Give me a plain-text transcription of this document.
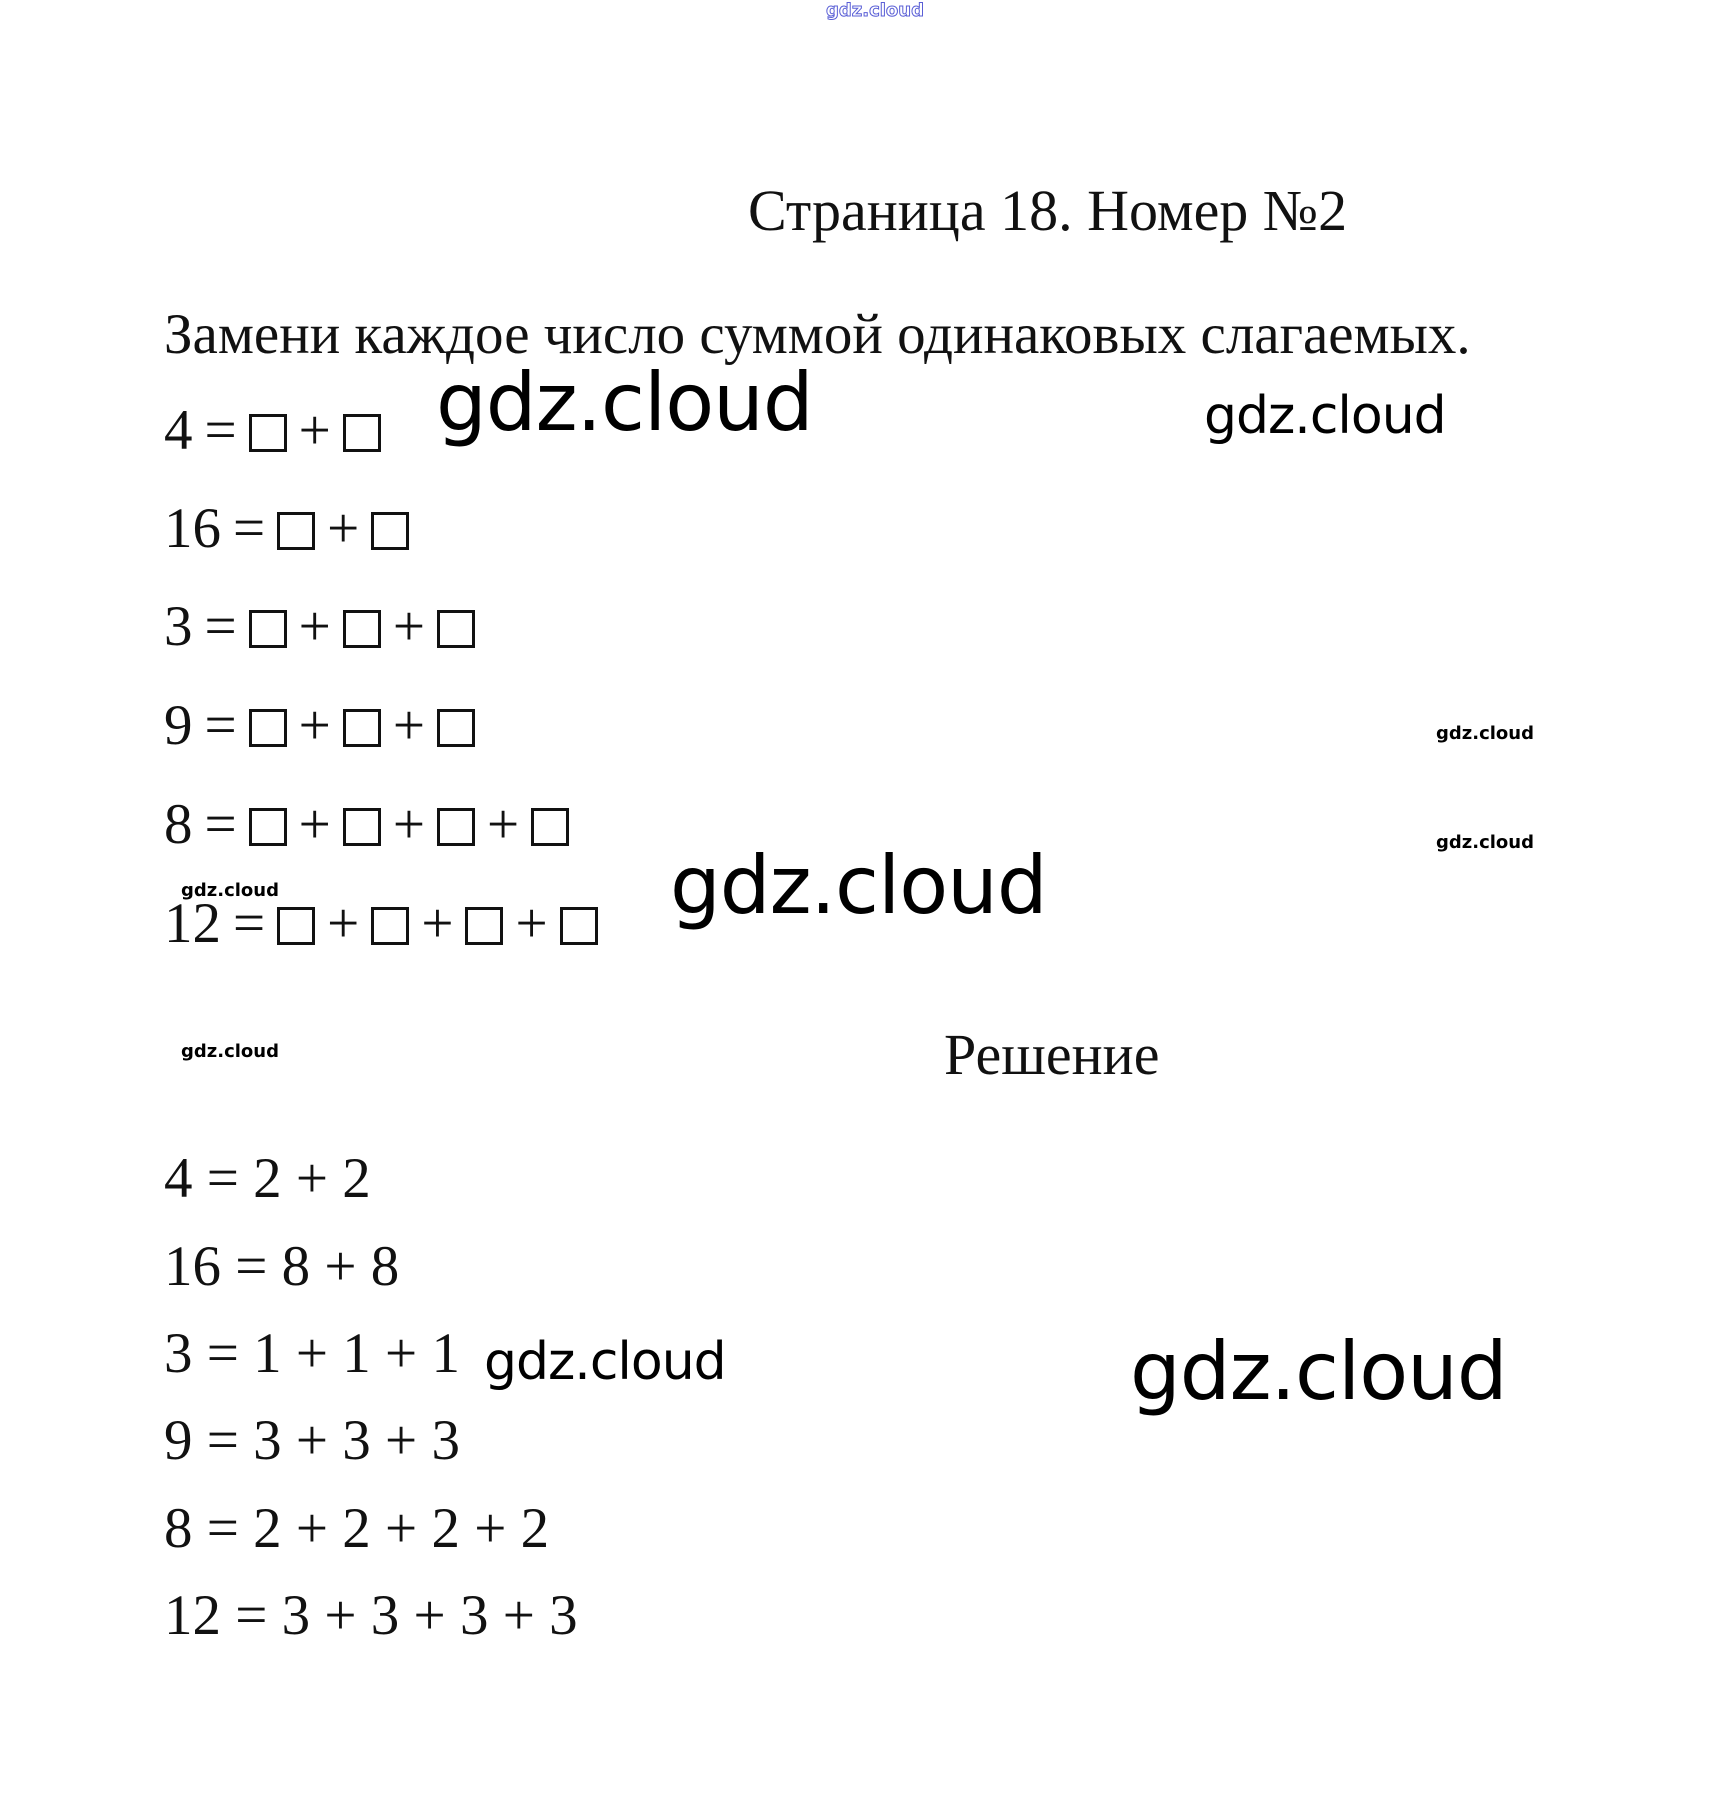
gdz.cloud
Страницa 18. Номер №2
Замени каждое число суммой одинаковых слагаемых.
4 = +
16 = +
3 = + +
9 = + +
8 = + + +
12 = + + +
Решение
4 = 2 + 2
16 = 8 + 8
3 = 1 + 1 + 1
9 = 3 + 3 + 3
8 = 2 + 2 + 2 + 2
12 = 3 + 3 + 3 + 3
gdz.cloud	gdz.cloud
gdz.cloud
gdz.cloud
gdz.cloud	gdz.cloud
gdz.cloud
gdz.cloud	gdz.cloud
